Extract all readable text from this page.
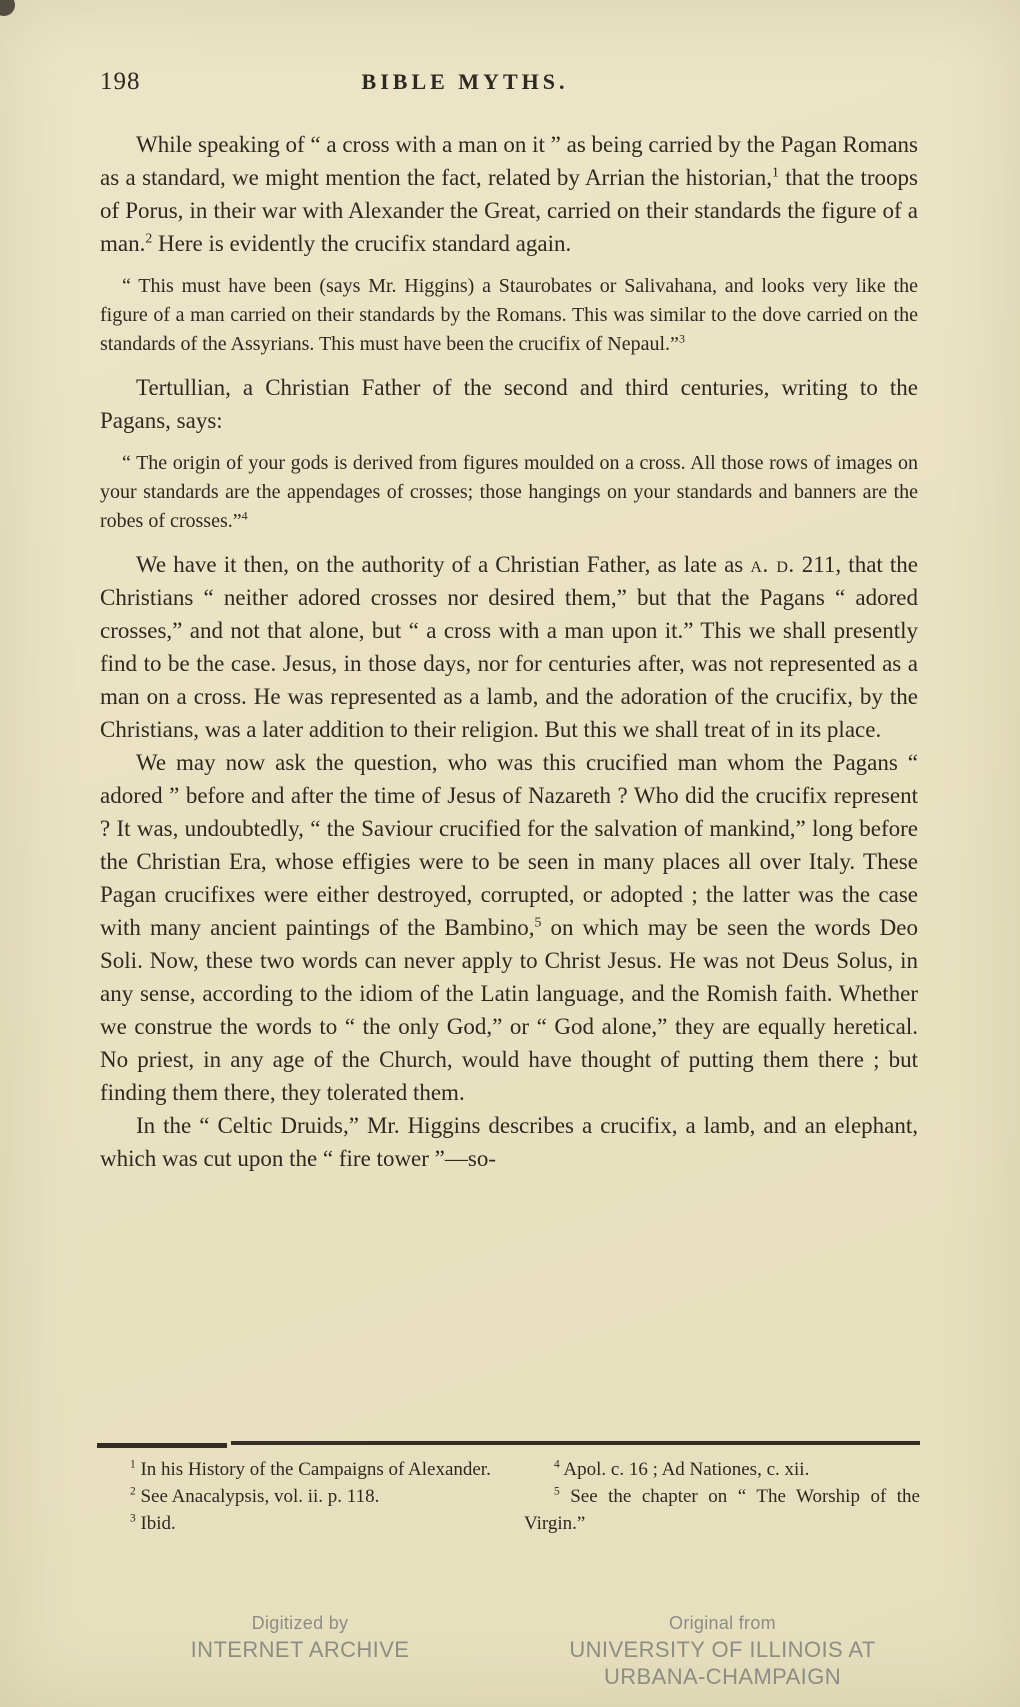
198	BIBLE MYTHS.

While speaking of “ a cross with a man on it ” as being carried by the Pagan Romans as a standard, we might mention the fact, related by Arrian the historian,$^1$ that the troops of Porus, in their war with Alexander the Great, carried on their standards the figure of a man.$^2$ Here is evidently the crucifix standard again.

“ This must have been (says Mr. Higgins) a Staurobates or Salivahana, and looks very like the figure of a man carried on their standards by the Romans. This was similar to the dove carried on the standards of the Assyrians. This must have been the crucifix of Nepaul.”$^3$

Tertullian, a Christian Father of the second and third centuries, writing to the Pagans, says:

“ The origin of your gods is derived from figures moulded on a cross. All those rows of images on your standards are the appendages of crosses; those hangings on your standards and banners are the robes of crosses.”$^4$

We have it then, on the authority of a Christian Father, as late as a. d. 211, that the Christians “ neither adored crosses nor desired them,” but that the Pagans “ adored crosses,” and not that alone, but “ a cross with a man upon it.” This we shall presently find to be the case. Jesus, in those days, nor for centuries after, was not represented as a man on a cross. He was represented as a lamb, and the adoration of the crucifix, by the Christians, was a later addition to their religion. But this we shall treat of in its place.

We may now ask the question, who was this crucified man whom the Pagans “ adored ” before and after the time of Jesus of Nazareth ? Who did the crucifix represent ? It was, undoubtedly, “ the Saviour crucified for the salvation of mankind,” long before the Christian Era, whose effigies were to be seen in many places all over Italy. These Pagan crucifixes were either destroyed, corrupted, or adopted ; the latter was the case with many ancient paintings of the Bambino,$^5$ on which may be seen the words Deo Soli. Now, these two words can never apply to Christ Jesus. He was not Deus Solus, in any sense, according to the idiom of the Latin language, and the Romish faith. Whether we construe the words to “ the only God,” or “ God alone,” they are equally heretical. No priest, in any age of the Church, would have thought of putting them there ; but finding them there, they tolerated them.

In the “ Celtic Druids,” Mr. Higgins describes a crucifix, a lamb, and an elephant, which was cut upon the “ fire tower ”—so-

$^1$ In his History of the Campaigns of Alexander.

$^2$ See Anacalypsis, vol. ii. p. 118.

$^3$ Ibid.

$^4$ Apol. c. 16 ; Ad Nationes, c. xii.

$^5$ See the chapter on “ The Worship of the Virgin.”

Digitized by
INTERNET ARCHIVE
Original from
UNIVERSITY OF ILLINOIS AT
URBANA-CHAMPAIGN
